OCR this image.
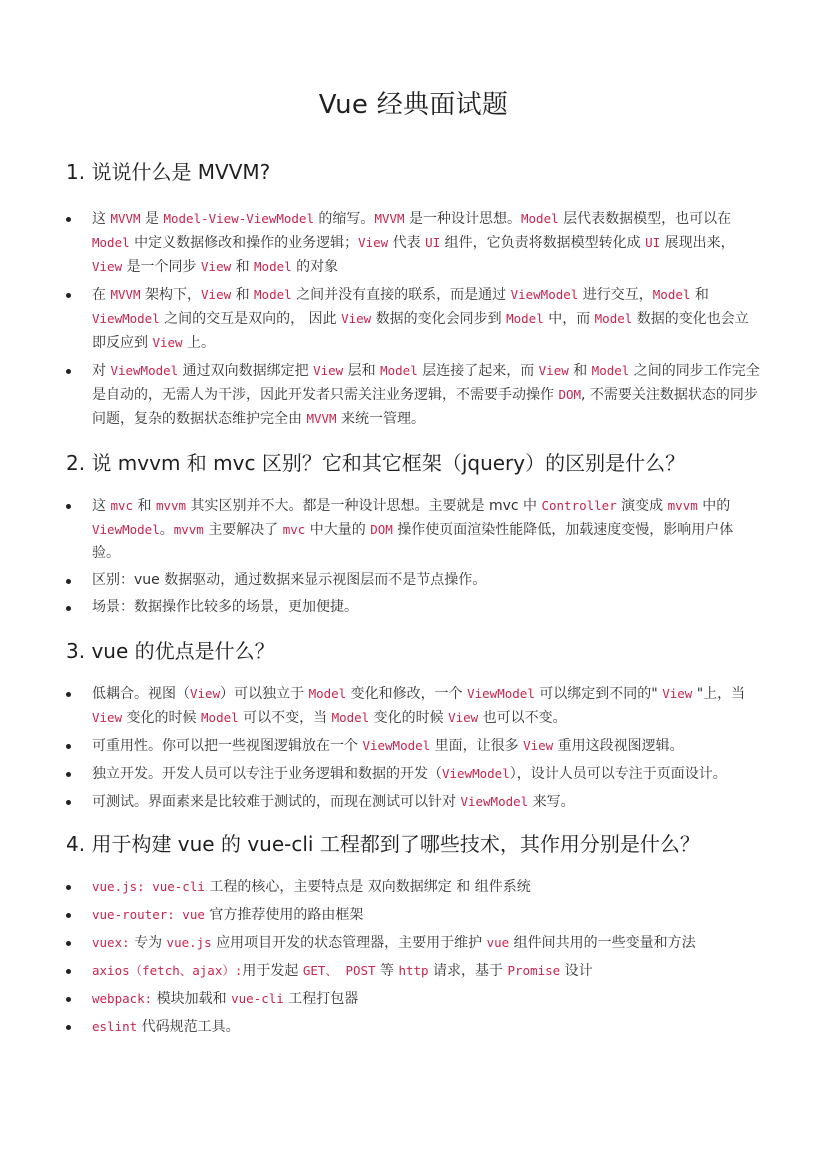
Vue 经典面试题
1. 说说什么是 MVVM?
这 MVVM 是 Model-View-ViewModel 的缩写。MVVM 是一种设计思想。Model 层代表数据模型，也可以在 Model 中定义数据修改和操作的业务逻辑；View 代表 UI 组件，它负责将数据模型转化成 UI 展现出来，View 是一个同步 View 和 Model 的对象
在 MVVM 架构下，View 和 Model 之间并没有直接的联系，而是通过 ViewModel 进行交互，Model 和 ViewModel 之间的交互是双向的， 因此 View 数据的变化会同步到 Model 中，而 Model 数据的变化也会立即反应到 View 上。
对 ViewModel 通过双向数据绑定把 View 层和 Model 层连接了起来，而 View 和 Model 之间的同步工作完全是自动的，无需人为干涉，因此开发者只需关注业务逻辑，不需要手动操作 DOM, 不需要关注数据状态的同步问题，复杂的数据状态维护完全由 MVVM 来统一管理。
2. 说 mvvm 和 mvc 区别？它和其它框架（jquery）的区别是什么？
这 mvc 和 mvvm 其实区别并不大。都是一种设计思想。主要就是 mvc 中 Controller 演变成 mvvm 中的 ViewModel。mvvm 主要解决了 mvc 中大量的 DOM 操作使页面渲染性能降低，加载速度变慢，影响用户体验。
区别：vue 数据驱动，通过数据来显示视图层而不是节点操作。
场景：数据操作比较多的场景，更加便捷。
3. vue 的优点是什么？
低耦合。视图（View）可以独立于 Model 变化和修改，一个 ViewModel 可以绑定到不同的" View "上，当 View 变化的时候 Model 可以不变，当 Model 变化的时候 View 也可以不变。
可重用性。你可以把一些视图逻辑放在一个 ViewModel 里面，让很多 View 重用这段视图逻辑。
独立开发。开发人员可以专注于业务逻辑和数据的开发（ViewModel），设计人员可以专注于页面设计。
可测试。界面素来是比较难于测试的，而现在测试可以针对 ViewModel 来写。
4. 用于构建 vue 的 vue-cli 工程都到了哪些技术，其作用分别是什么？
vue.js: vue-cli 工程的核心，主要特点是 双向数据绑定 和 组件系统
vue-router: vue 官方推荐使用的路由框架
vuex: 专为 vue.js 应用项目开发的状态管理器，主要用于维护 vue 组件间共用的一些变量和方法
axios（fetch、ajax）:用于发起 GET、 POST 等 http 请求，基于 Promise 设计
webpack: 模块加载和 vue-cli 工程打包器
eslint 代码规范工具。
